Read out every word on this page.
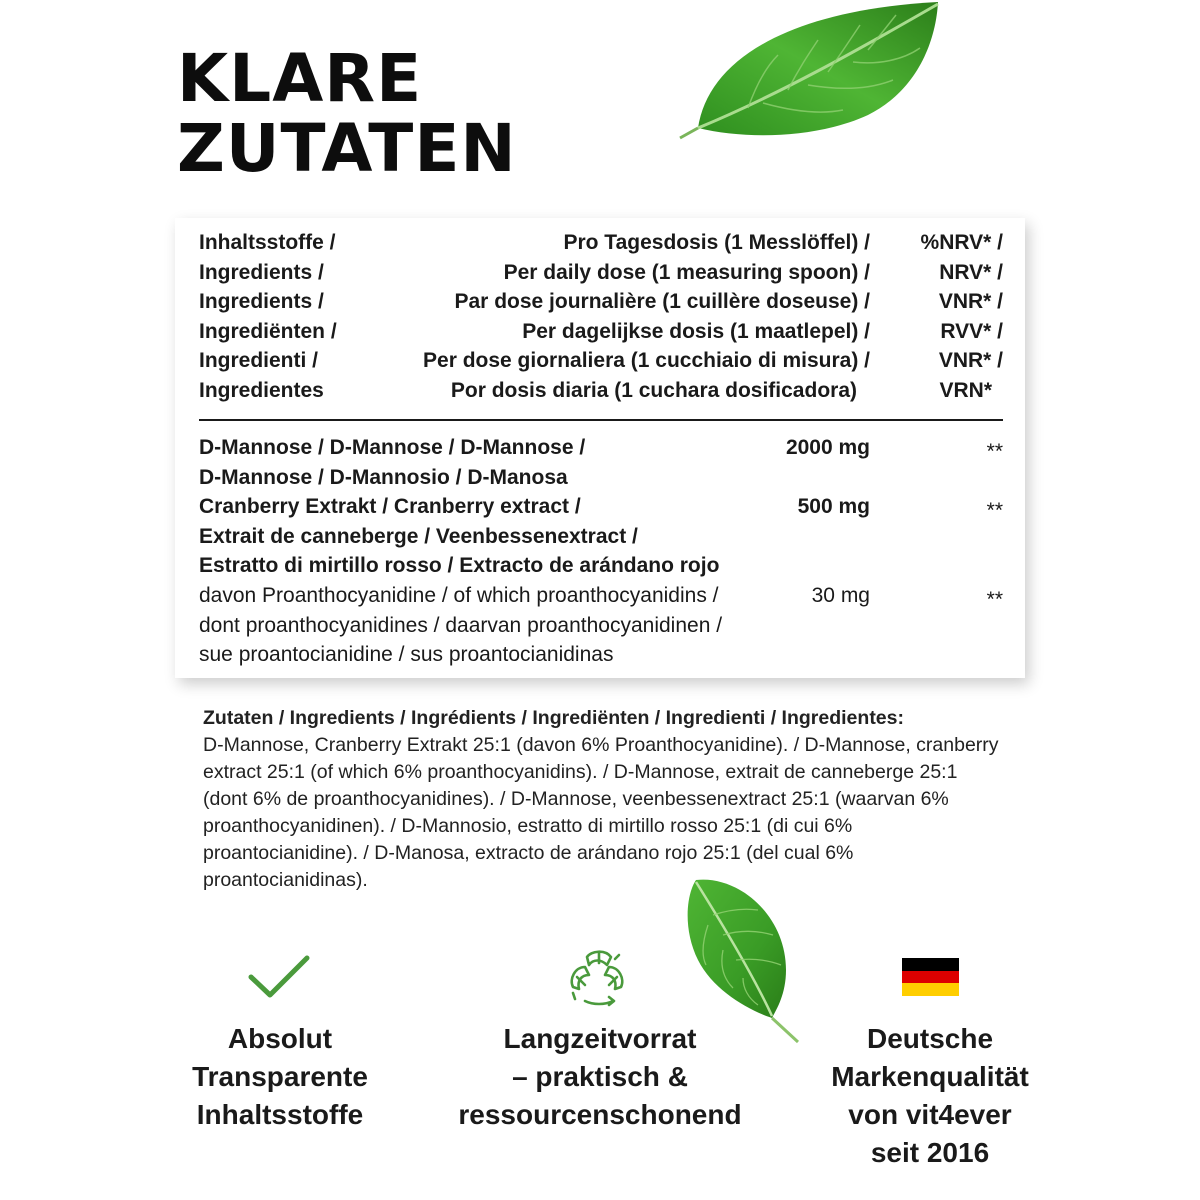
KLARE
ZUTATEN
Inhaltsstoffe /	Pro Tagesdosis (1 Messlöffel) / %NRV* /
Ingredients /	Per daily dose (1 measuring spoon) /	NRV* /
Ingredients /	Par dose journalière (1 cuillère doseuse) /	VNR* /
Ingrediënten /	Per dagelijkse dosis (1 maatlepel) /	RVV* /
Ingredienti /	Per dose giornaliera (1 cucchiaio di misura) /	VNR* /
Ingredientes	Por dosis diaria (1 cuchara dosificadora)	VRN*
D-Mannose / D-Mannose / D-Mannose /
D-Mannose / D-Mannosio / D-Manosa
2000 mg	**
Cranberry Extrakt / Cranberry extract /
Extrait de canneberge / Veenbessenextract /
Estratto di mirtillo rosso / Extracto de arándano rojo
500 mg	**
davon Proanthocyanidine / of which proanthocyanidins /
dont proanthocyanidines / daarvan proanthocyanidinen /
sue proantocianidine / sus proantocianidinas
30 mg	**
Zutaten / Ingredients / Ingrédients / Ingrediënten / Ingredienti / Ingredientes:
D-Mannose, Cranberry Extrakt 25:1 (davon 6% Proanthocyanidine). / D-Mannose, cranberry extract 25:1 (of which 6% proanthocyanidins). / D-Mannose, extrait de canneberge 25:1 (dont 6% de proanthocyanidines). / D-Mannose, veenbessenextract 25:1 (waarvan 6% proanthocyanidinen). / D-Mannosio, estratto di mirtillo rosso 25:1 (di cui 6% proantocianidine). / D-Manosa, extracto de arándano rojo 25:1 (del cual 6% proantocianidinas).
Absolut
Transparente
Inhaltsstoffe
Langzeitvorrat
– praktisch &
ressourcenschonend
Deutsche
Markenqualität
von vit4ever
seit 2016
